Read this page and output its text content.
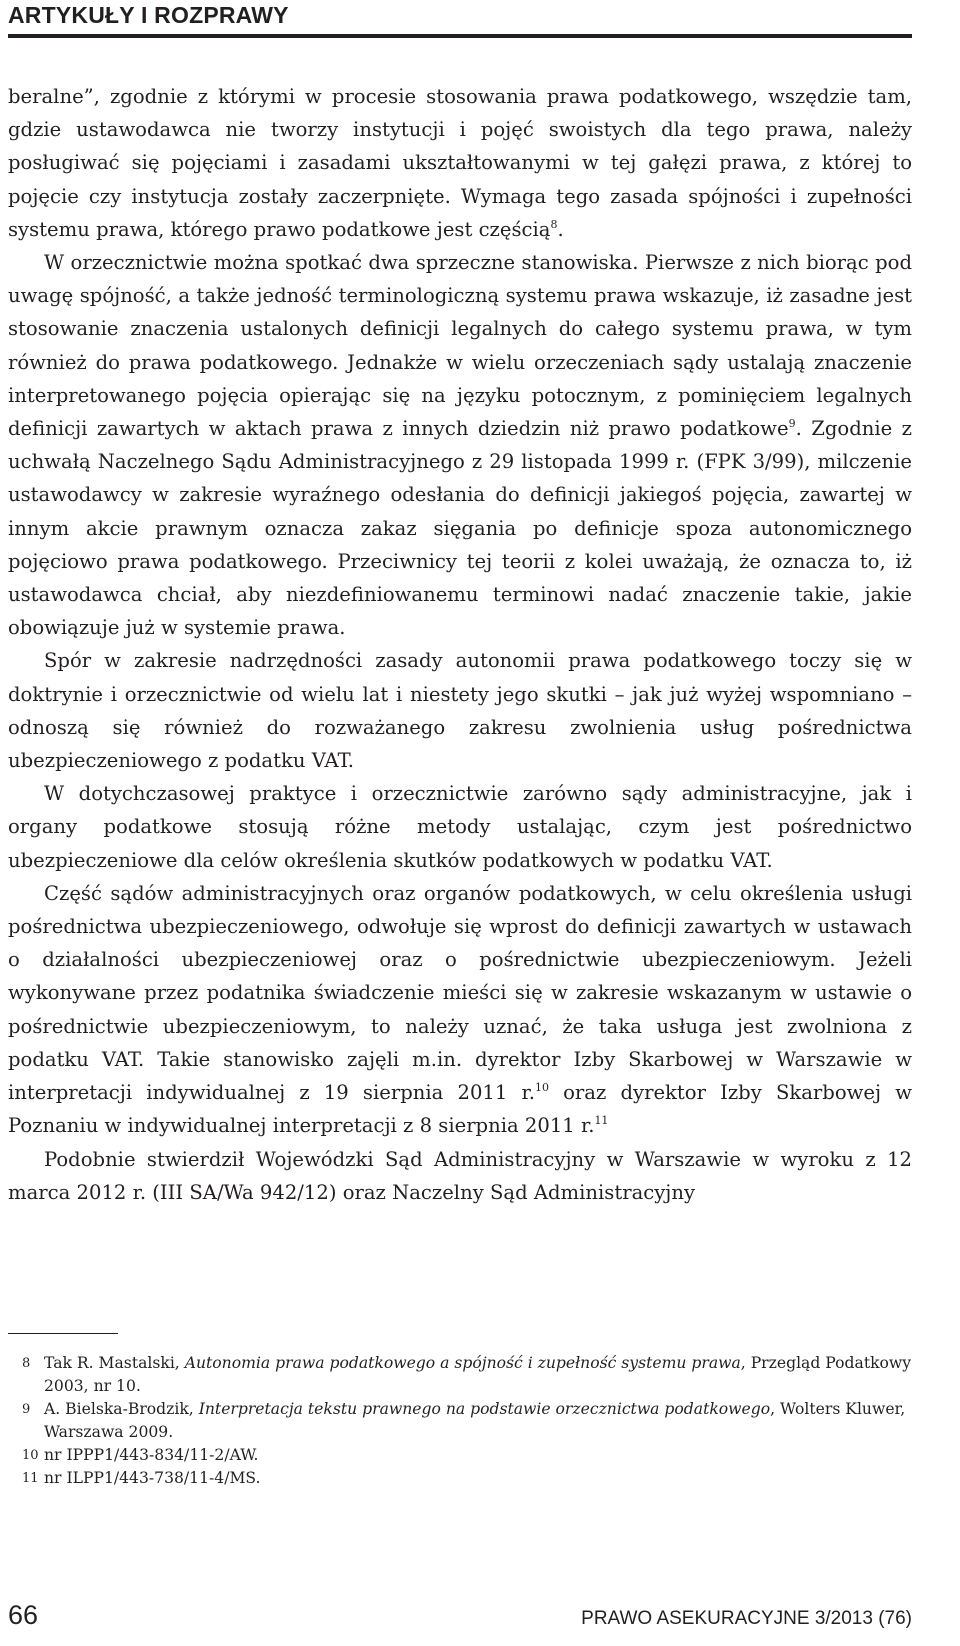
ARTYKUŁY I ROZPRAWY

beralne”, zgodnie z którymi w procesie stosowania prawa podatkowego, wszędzie tam, gdzie ustawodawca nie tworzy instytucji i pojęć swoistych dla tego prawa, należy posługiwać się pojęciami i zasadami ukształtowanymi w tej gałęzi prawa, z której to pojęcie czy instytucja zostały zaczerpnięte. Wymaga tego zasada spójności i zupełności systemu prawa, którego prawo podatkowe jest częścią$^8$.

W orzecznictwie można spotkać dwa sprzeczne stanowiska. Pierwsze z nich biorąc pod uwagę spójność, a także jedność terminologiczną systemu prawa wskazuje, iż zasadne jest stosowanie znaczenia ustalonych definicji legalnych do całego systemu prawa, w tym również do prawa podatkowego. Jednakże w wielu orzeczeniach sądy ustalają znaczenie interpretowanego pojęcia opierając się na języku potocznym, z pominięciem legalnych definicji zawartych w aktach prawa z innych dziedzin niż prawo podatkowe$^9$. Zgodnie z uchwałą Naczelnego Sądu Administracyjnego z 29 listopada 1999 r. (FPK 3/99), milczenie ustawodawcy w zakresie wyraźnego odesłania do definicji jakiegoś pojęcia, zawartej w innym akcie prawnym oznacza zakaz sięgania po definicje spoza autonomicznego pojęciowo prawa podatkowego. Przeciwnicy tej teorii z kolei uważają, że oznacza to, iż ustawodawca chciał, aby niezdefiniowanemu terminowi nadać znaczenie takie, jakie obowiązuje już w systemie prawa.

Spór w zakresie nadrzędności zasady autonomii prawa podatkowego toczy się w doktrynie i orzecznictwie od wielu lat i niestety jego skutki – jak już wyżej wspomniano – odnoszą się również do rozważanego zakresu zwolnienia usług pośrednictwa ubezpieczeniowego z podatku VAT.

W dotychczasowej praktyce i orzecznictwie zarówno sądy administracyjne, jak i organy podatkowe stosują różne metody ustalając, czym jest pośrednictwo ubezpieczeniowe dla celów określenia skutków podatkowych w podatku VAT.

Część sądów administracyjnych oraz organów podatkowych, w celu określenia usługi pośrednictwa ubezpieczeniowego, odwołuje się wprost do definicji zawartych w ustawach o działalności ubezpieczeniowej oraz o pośrednictwie ubezpieczeniowym. Jeżeli wykonywane przez podatnika świadczenie mieści się w zakresie wskazanym w ustawie o pośrednictwie ubezpieczeniowym, to należy uznać, że taka usługa jest zwolniona z podatku VAT. Takie stanowisko zajęli m.in. dyrektor Izby Skarbowej w Warszawie w interpretacji indywidualnej z 19 sierpnia 2011 r.$^{10}$ oraz dyrektor Izby Skarbowej w Poznaniu w indywidualnej interpretacji z 8 sierpnia 2011 r.$^{11}$

Podobnie stwierdził Wojewódzki Sąd Administracyjny w Warszawie w wyroku z 12 marca 2012 r. (III SA/Wa 942/12) oraz Naczelny Sąd Administracyjny

8 Tak R. Mastalski, Autonomia prawa podatkowego a spójność i zupełność systemu prawa, Przegląd Podatkowy 2003, nr 10.
9 A. Bielska-Brodzik, Interpretacja tekstu prawnego na podstawie orzecznictwa podatkowego, Wolters Kluwer, Warszawa 2009.
10 nr IPPP1/443-834/11-2/AW.
11 nr ILPP1/443-738/11-4/MS.
66	PRAWO ASEKURACYJNE 3/2013 (76)
